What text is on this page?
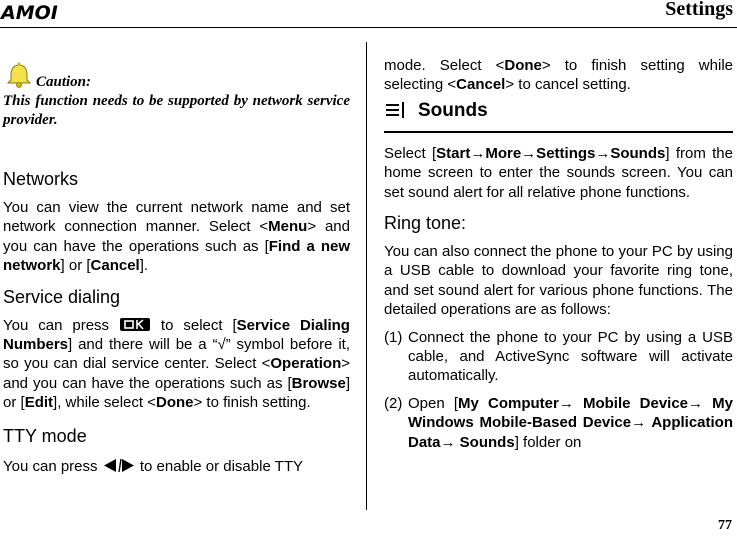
AMOI	Settings
Caution:

This function needs to be supported by network service provider.

Networks

You can view the current network name and set network connection manner. Select <Menu> and you can have the operations such as [Find a new network] or [Cancel].

Service dialing

You can press  to select [Service Dialing Numbers] and there will be a “√” symbol before it, so you can dial service center. Select <Operation> and you can have the operations such as [Browse] or [Edit], while select <Done> to finish setting.

TTY mode

You can press  to enable or disable TTY

mode. Select <Done> to finish setting while selecting <Cancel> to cancel setting.

Sounds

Select [Start→More→Settings→Sounds] from the home screen to enter the sounds screen. You can set sound alert for all relative phone functions.

Ring tone:

You can also connect the phone to your PC by using a USB cable to download your favorite ring tone, and set sound alert for various phone functions. The detailed operations are as follows:

(1) Connect the phone to your PC by using a USB cable, and ActiveSync software will activate automatically.
(2) Open [My Computer→ Mobile Device→ My Windows Mobile-Based Device→ Application Data→ Sounds] folder on
77
